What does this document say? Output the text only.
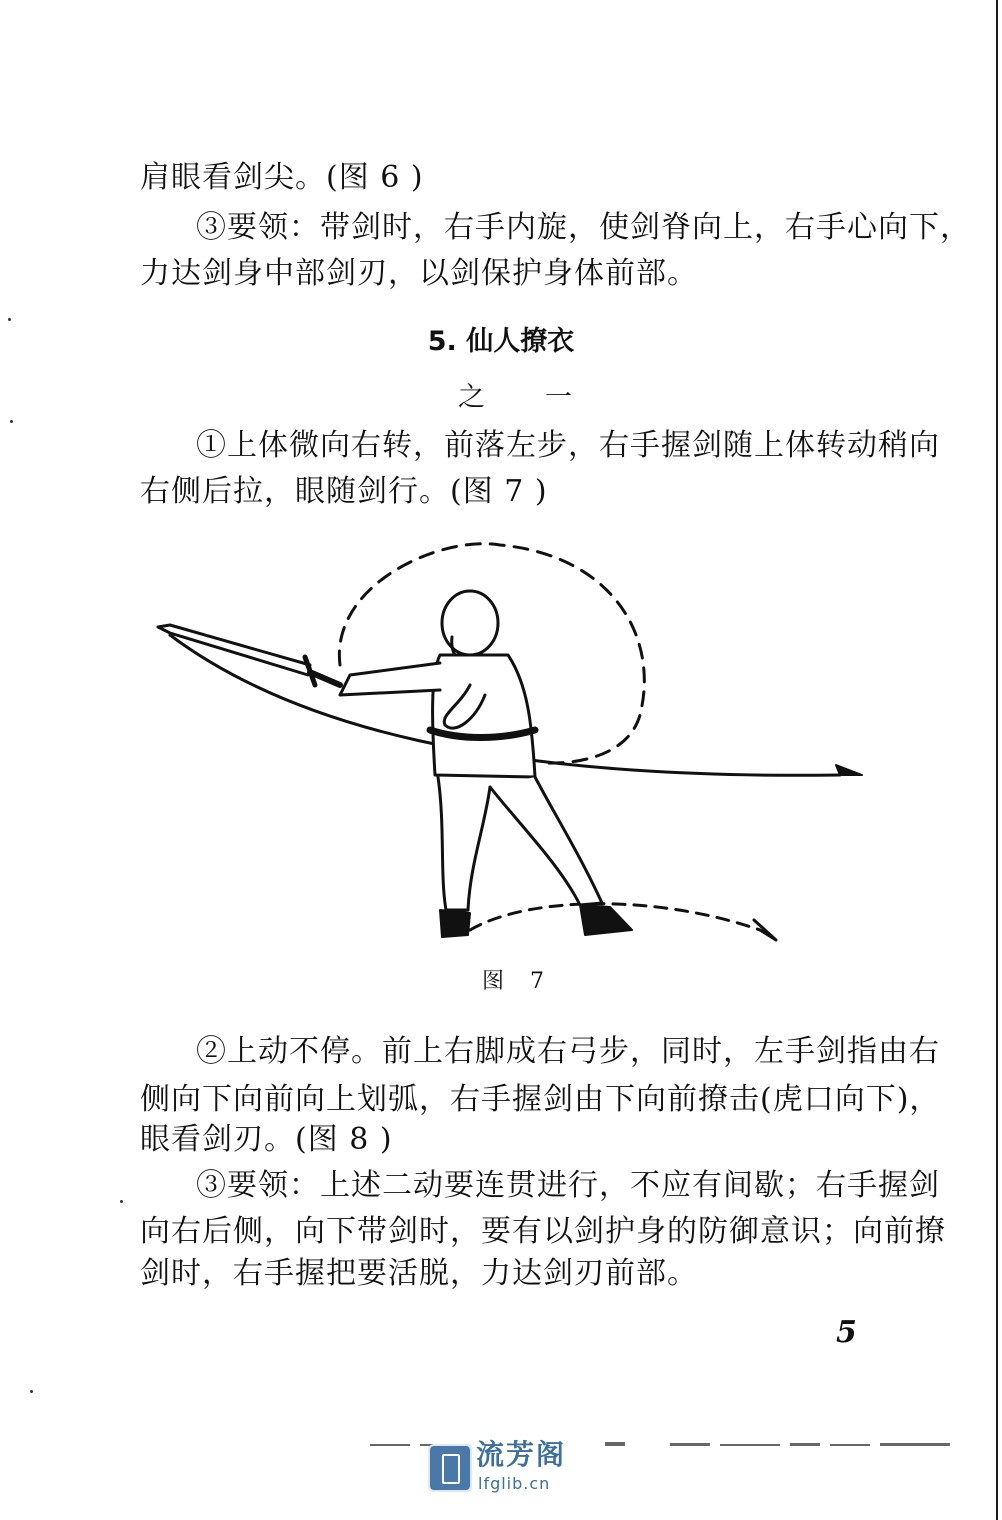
肩眼看剑尖。(图 6 )
③要领：带剑时，右手内旋，使剑脊向上，右手心向下，
力达剑身中部剑刃，以剑保护身体前部。
5. 仙人撩衣
之 一
①上体微向右转，前落左步，右手握剑随上体转动稍向
右侧后拉，眼随剑行。(图 7 )
图 7
②上动不停。前上右脚成右弓步，同时，左手剑指由右
侧向下向前向上划弧，右手握剑由下向前撩击(虎口向下)，
眼看剑刃。(图 8 )
③要领：上述二动要连贯进行，不应有间歇；右手握剑
向右后侧，向下带剑时，要有以剑护身的防御意识；向前撩
剑时，右手握把要活脱，力达剑刃前部。
5
流芳阁
lfglib.cn
